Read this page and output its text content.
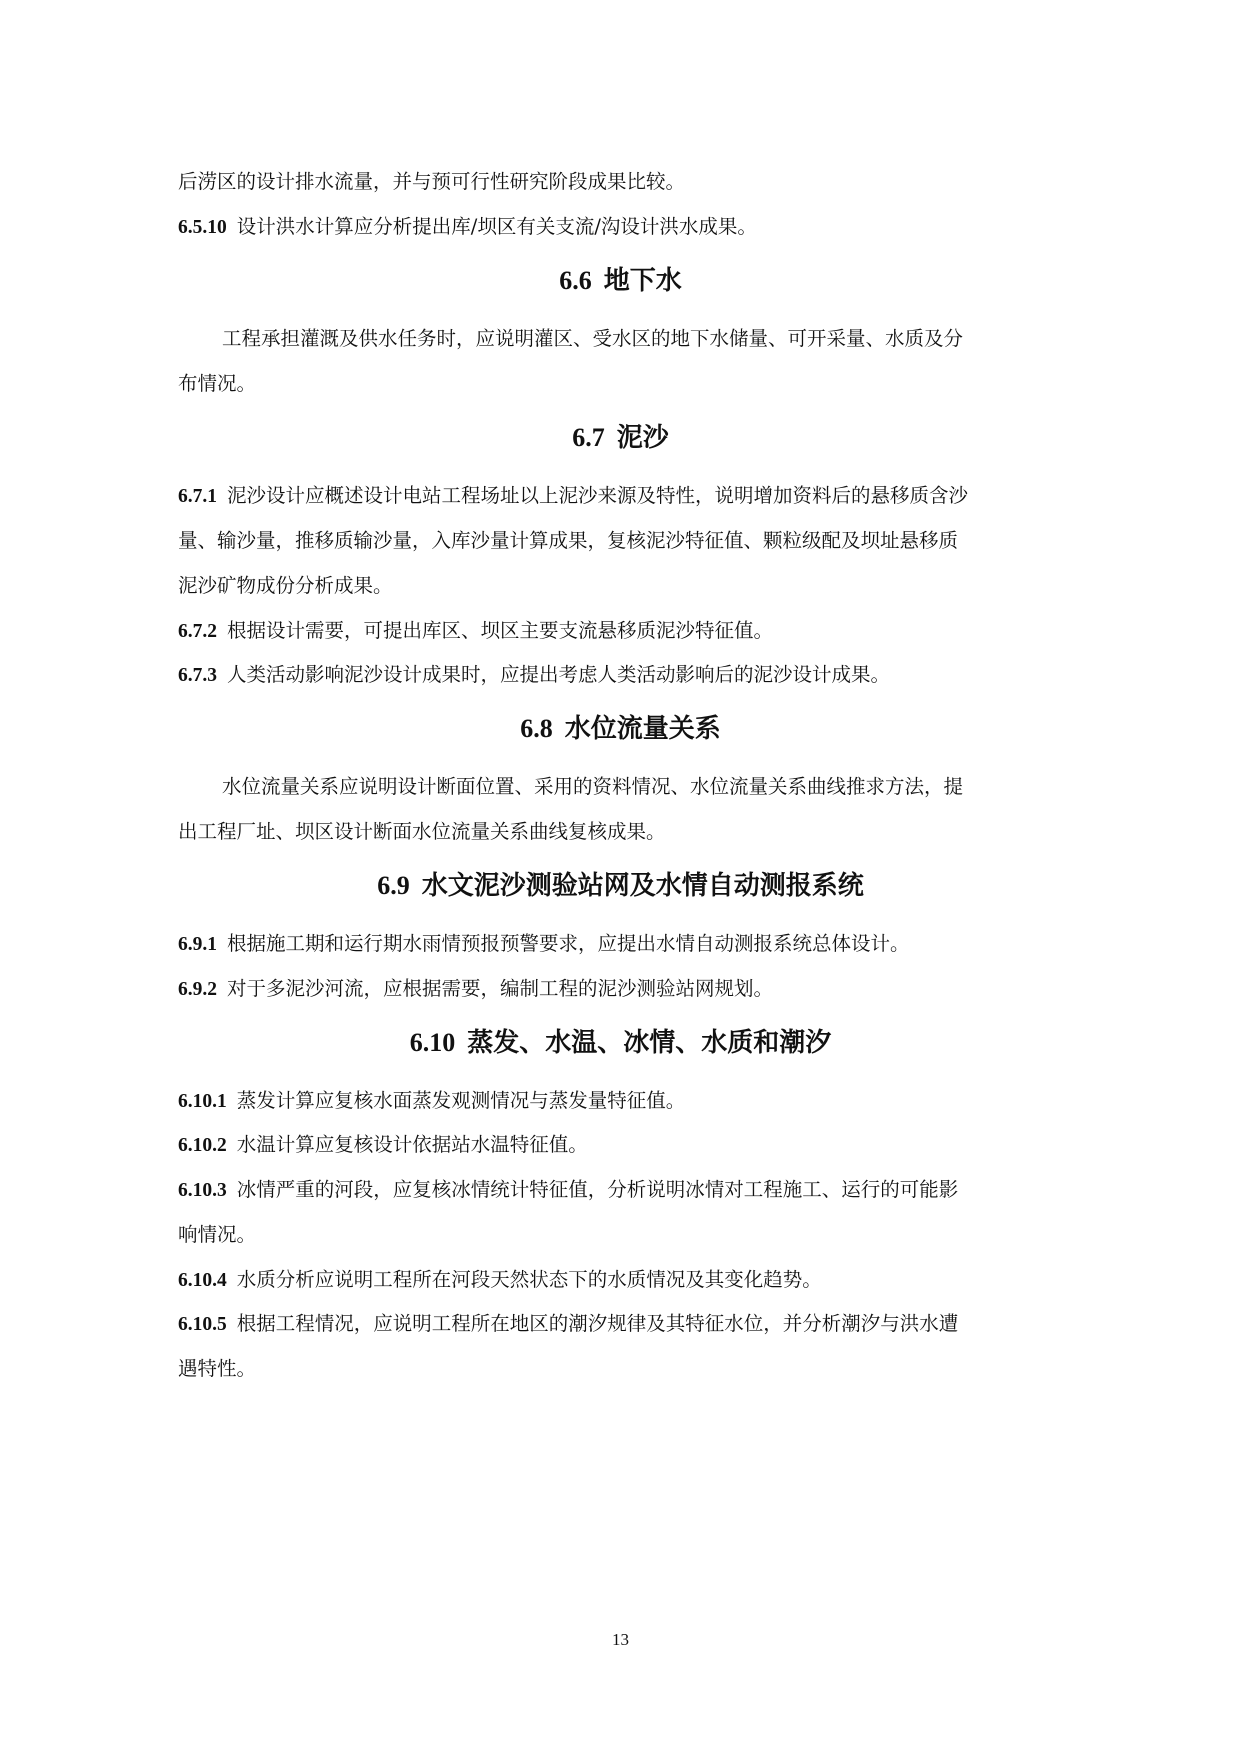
后涝区的设计排水流量，并与预可行性研究阶段成果比较。
6.5.10 设计洪水计算应分析提出库/坝区有关支流/沟设计洪水成果。
6.6 地下水
工程承担灌溉及供水任务时，应说明灌区、受水区的地下水储量、可开采量、水质及分
布情况。
6.7 泥沙
6.7.1 泥沙设计应概述设计电站工程场址以上泥沙来源及特性，说明增加资料后的悬移质含沙
量、输沙量，推移质输沙量，入库沙量计算成果，复核泥沙特征值、颗粒级配及坝址悬移质
泥沙矿物成份分析成果。
6.7.2 根据设计需要，可提出库区、坝区主要支流悬移质泥沙特征值。
6.7.3 人类活动影响泥沙设计成果时，应提出考虑人类活动影响后的泥沙设计成果。
6.8 水位流量关系
水位流量关系应说明设计断面位置、采用的资料情况、水位流量关系曲线推求方法，提
出工程厂址、坝区设计断面水位流量关系曲线复核成果。
6.9 水文泥沙测验站网及水情自动测报系统
6.9.1 根据施工期和运行期水雨情预报预警要求，应提出水情自动测报系统总体设计。
6.9.2 对于多泥沙河流，应根据需要，编制工程的泥沙测验站网规划。
6.10 蒸发、水温、冰情、水质和潮汐
6.10.1 蒸发计算应复核水面蒸发观测情况与蒸发量特征值。
6.10.2 水温计算应复核设计依据站水温特征值。
6.10.3 冰情严重的河段，应复核冰情统计特征值，分析说明冰情对工程施工、运行的可能影
响情况。
6.10.4 水质分析应说明工程所在河段天然状态下的水质情况及其变化趋势。
6.10.5 根据工程情况，应说明工程所在地区的潮汐规律及其特征水位，并分析潮汐与洪水遭
遇特性。
13
